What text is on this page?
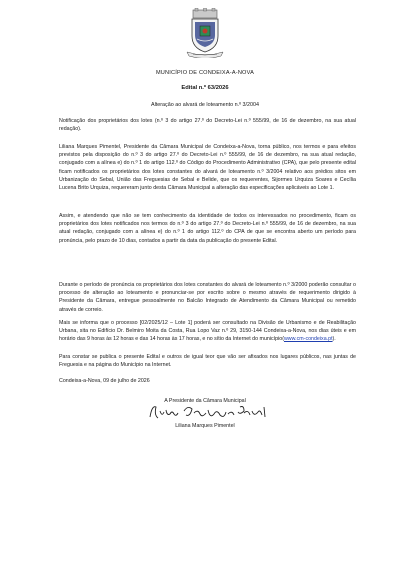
MUNICÍPIO DE CONDEIXA-A-NOVA
Edital n.º 63/2026
Alteração ao alvará de loteamento n.º 3/2004
Notificação dos proprietários dos lotes (n.º 3 do artigo 27.º do Decreto-Lei n.º 555/99, de 16 de dezembro, na sua atual redação).
Liliana Marques Pimentel, Presidente da Câmara Municipal de Condeixa-a-Nova, torna público, nos termos e para efeitos previstos pela disposição do n.º 3 do artigo 27.º do Decreto-Lei n.º 555/99, de 16 de dezembro, na sua atual redação, conjugado com a alínea e) do n.º 1 do artigo 112.º do Código do Procedimento Administrativo (CPA), que pelo presente edital ficam notificados os proprietários dos lotes constantes do alvará de loteamento n.º 3/2004 relativo aos prédios sitos em Urbanização do Sebal, União das Freguesias de Sebal e Belide, que os requerentes, Sijormes Urquiza Soares e Cecília Lucena Brito Urquiza, requereram junto desta Câmara Municipal a alteração das especificações aplicáveis ao Lote 1.
Assim, e atendendo que não se tem conhecimento da identidade de todos os interessados no procedimento, ficam os proprietários dos lotes notificados nos termos do n.º 3 do artigo 27.º do Decreto-Lei n.º 555/99, de 16 de dezembro, na sua atual redação, conjugado com a alínea e) do n.º 1 do artigo 112.º do CPA de que se encontra aberto um período para pronúncia, pelo prazo de 10 dias, contados a partir da data da publicação do presente Edital.
Durante o período de pronúncia os proprietários dos lotes constantes do alvará de loteamento n.º 3/2000 poderão consultar o processo de alteração ao loteamento e pronunciar-se por escrito sobre o mesmo através de requerimento dirigido à Presidente da Câmara, entregue pessoalmente no Balcão Integrado de Atendimento da Câmara Municipal ou remetido através de correio.
Mais se informa que o processo [02/2025/12 – Lote 1] poderá ser consultado na Divisão de Urbanismo e de Reabilitação Urbana, sita no Edifício Dr. Belmiro Moita da Costa, Rua Lopo Vaz n.º 29, 3150-144 Condeixa-a-Nova, nos dias úteis e em horário das 9 horas às 12 horas e das 14 horas às 17 horas, e no sítio da Internet do município(www.cm-condeixa.pt).
Para constar se publica o presente Edital e outros de igual teor que vão ser afixados nos lugares públicos, nas juntas de Freguesia e na página do Município na Internet.
Condeixa-a-Nova, 09 de julho de 2026
A Presidente da Câmara Municipal
Liliana Marques Pimentel
